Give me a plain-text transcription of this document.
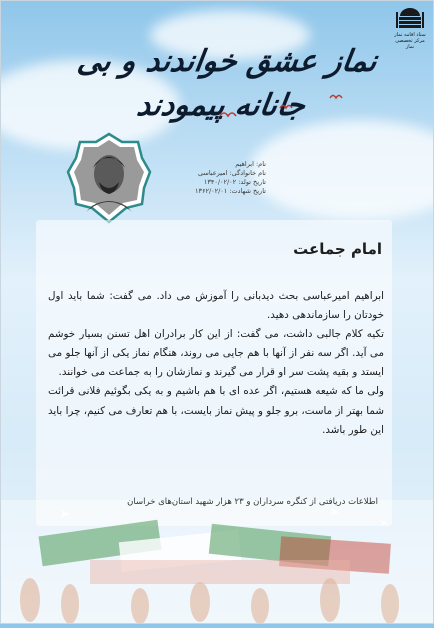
ستاد اقامه نماز
مرکز تخصصی نماز
نماز عشق خواندند و بی جانانه پیمودند
نام: ابراهیم
نام خانوادگی: امیرعباسی
تاریخ تولد: ۱۳۴۰/۰۲/۰۲
تاریخ شهادت: ۱۳۶۲/۰۲/۰۱
امام جماعت

ابراهیم امیرعباسی بحث دیدبانی را آموزش می داد. می گفت: شما باید اول خودتان را سازماندهی دهید.

تکیه کلام جالبی داشت، می گفت: از این کار برادران اهل تسنن بسیار خوشم می آید. اگر سه نفر از آنها با هم جایی می روند، هنگام نماز یکی از آنها جلو می ایستد و بقیه پشت سر او قرار می گیرند و نمازشان را به جماعت می خوانند.

ولی ما که شیعه هستیم، اگر عده ای با هم باشیم و به یکی بگوئیم فلانی قرائت شما بهتر از ماست، برو جلو و پیش نماز بایست، با هم تعارف می کنیم، چرا باید این طور باشد.

اطلاعات دریافتی از کنگره سرداران و ۲۳ هزار شهید استان‌های خراسان
